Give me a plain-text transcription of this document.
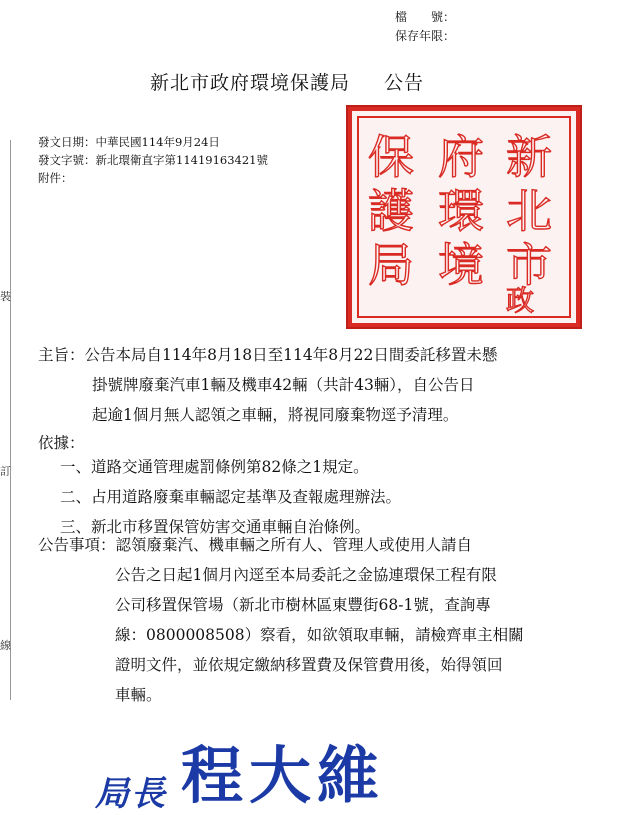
裝
訂
線
檔　　號：
保存年限：
新北市政府環境保護局 公告
發文日期：中華民國114年9月24日
發文字號：新北環衛直字第11419163421號
附件：	新
北
市
政
府
環
境
保
護
局
主旨：公告本局自114年8月18日至114年8月22日間委託移置未懸
掛號牌廢棄汽車1輛及機車42輛（共計43輛），自公告日
起逾1個月無人認領之車輛，將視同廢棄物逕予清理。
依據：
一、道路交通管理處罰條例第82條之1規定。
二、占用道路廢棄車輛認定基準及查報處理辦法。
三、新北市移置保管妨害交通車輛自治條例。
公告事項：認領廢棄汽、機車輛之所有人、管理人或使用人請自
公告之日起1個月內逕至本局委託之金協連環保工程有限
公司移置保管場（新北市樹林區東豐街68-1號，查詢專
線：0800008508）察看，如欲領取車輛，請檢齊車主相關
證明文件，並依規定繳納移置費及保管費用後，始得領回
車輛。
局長 程大維
